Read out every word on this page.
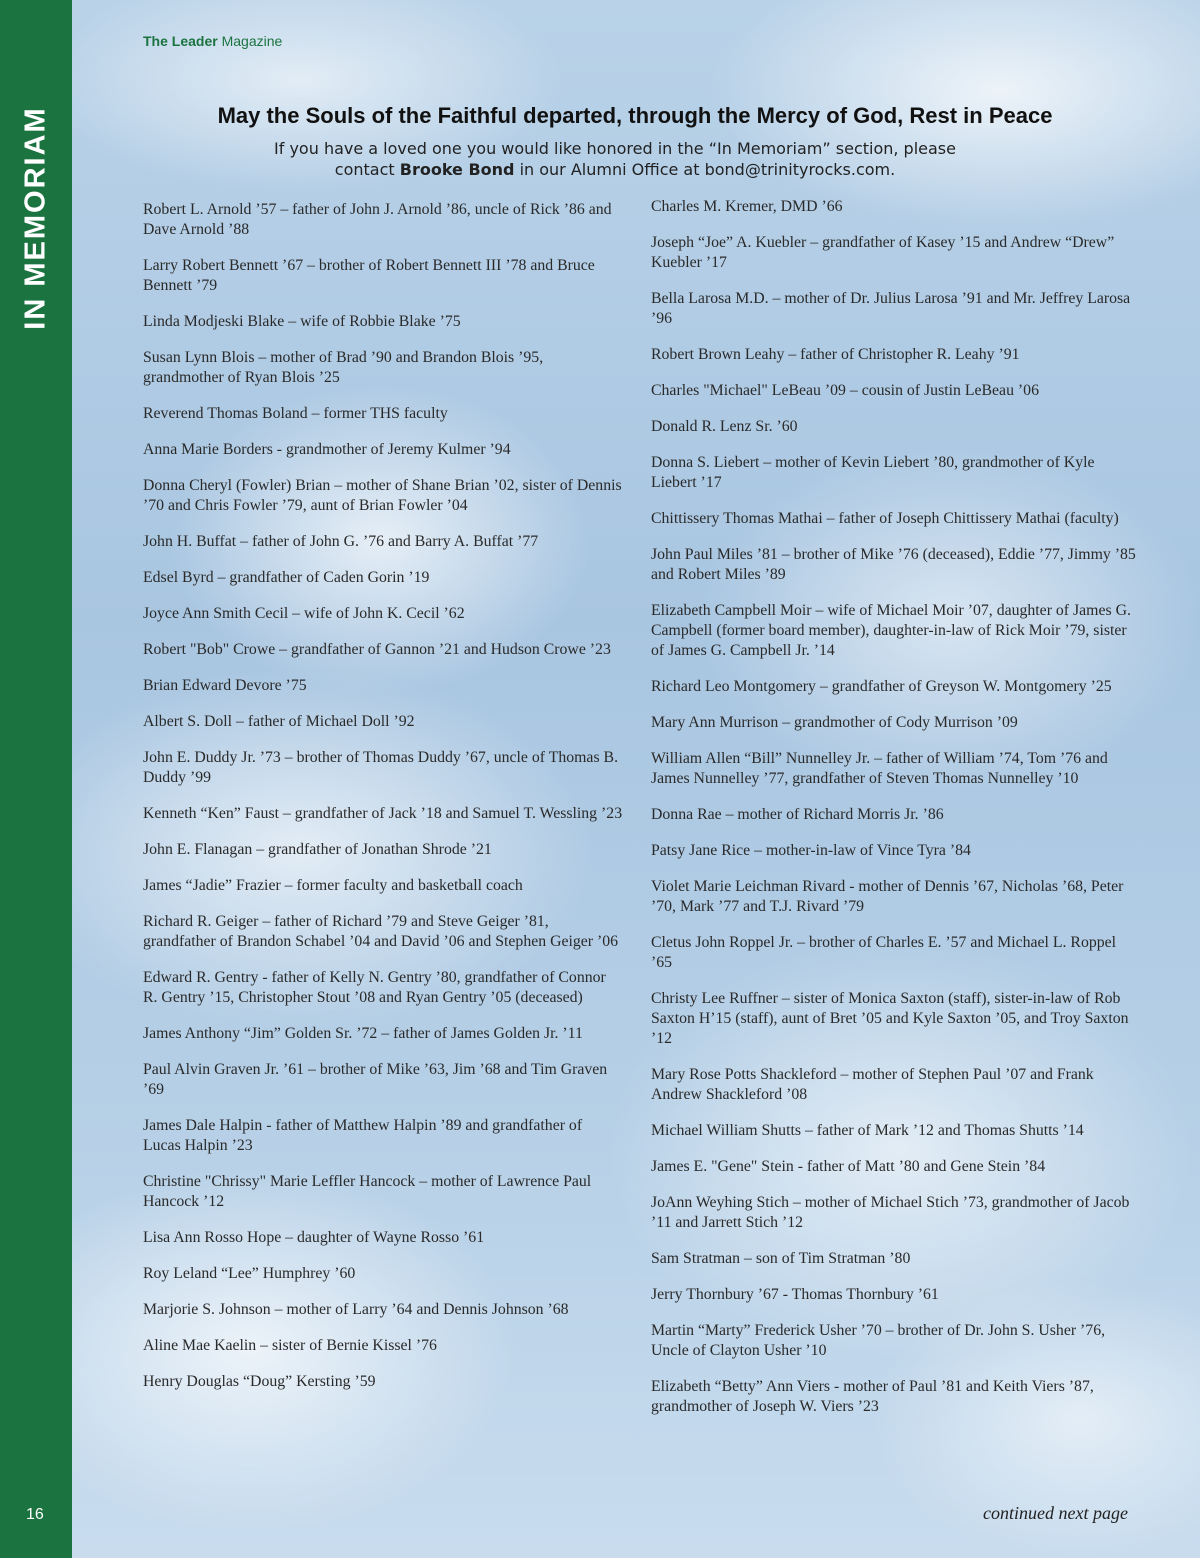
IN MEMORIAM
16
The Leader Magazine
May the Souls of the Faithful departed, through the Mercy of God, Rest in Peace
If you have a loved one you would like honored in the “In Memoriam” section, please
contact Brooke Bond in our Alumni Office at bond@trinityrocks.com.
Robert L. Arnold ’57 – father of John J. Arnold ’86, uncle of Rick ’86 and Dave Arnold ’88
Larry Robert Bennett ’67 – brother of Robert Bennett III ’78 and Bruce Bennett ’79
Linda Modjeski Blake – wife of Robbie Blake ’75
Susan Lynn Blois – mother of Brad ’90 and Brandon Blois ’95, grandmother of Ryan Blois ’25
Reverend Thomas Boland – former THS faculty
Anna Marie Borders - grandmother of Jeremy Kulmer ’94
Donna Cheryl (Fowler) Brian – mother of Shane Brian ’02, sister of Dennis ’70 and Chris Fowler ’79, aunt of Brian Fowler ’04
John H. Buffat – father of John G. ’76 and Barry A. Buffat ’77
Edsel Byrd – grandfather of Caden Gorin ’19
Joyce Ann Smith Cecil – wife of John K. Cecil ’62
Robert "Bob" Crowe – grandfather of Gannon ’21 and Hudson Crowe ’23
Brian Edward Devore ’75
Albert S. Doll – father of Michael Doll ’92
John E. Duddy Jr. ’73 – brother of Thomas Duddy ’67, uncle of Thomas B. Duddy ’99
Kenneth “Ken” Faust – grandfather of Jack ’18 and Samuel T. Wessling ’23
John E. Flanagan – grandfather of Jonathan Shrode ’21
James “Jadie” Frazier – former faculty and basketball coach
Richard R. Geiger – father of Richard ’79 and Steve Geiger ’81, grandfather of Brandon Schabel ’04 and David ’06 and Stephen Geiger ’06
Edward R. Gentry - father of Kelly N. Gentry ’80, grandfather of Connor R. Gentry ’15, Christopher Stout ’08 and Ryan Gentry ’05 (deceased)
James Anthony “Jim” Golden Sr. ’72 – father of James Golden Jr. ’11
Paul Alvin Graven Jr. ’61 – brother of Mike ’63, Jim ’68 and Tim Graven ’69
James Dale Halpin - father of Matthew Halpin ’89 and grandfather of Lucas Halpin ’23
Christine "Chrissy" Marie Leffler Hancock – mother of Lawrence Paul Hancock ’12
Lisa Ann Rosso Hope – daughter of Wayne Rosso ’61
Roy Leland “Lee” Humphrey ’60
Marjorie S. Johnson – mother of Larry ’64 and Dennis Johnson ’68
Aline Mae Kaelin – sister of Bernie Kissel ’76
Henry Douglas “Doug” Kersting ’59
Charles M. Kremer, DMD ’66
Joseph “Joe” A. Kuebler – grandfather of Kasey ’15 and Andrew “Drew” Kuebler ’17
Bella Larosa M.D. – mother of Dr. Julius Larosa ’91 and Mr. Jeffrey Larosa ’96
Robert Brown Leahy – father of Christopher R. Leahy ’91
Charles "Michael" LeBeau ’09 – cousin of Justin LeBeau ’06
Donald R. Lenz Sr. ’60
Donna S. Liebert – mother of Kevin Liebert ’80, grandmother of Kyle Liebert ’17
Chittissery Thomas Mathai – father of Joseph Chittissery Mathai (faculty)
John Paul Miles ’81 – brother of Mike ’76 (deceased), Eddie ’77, Jimmy ’85 and Robert Miles ’89
Elizabeth Campbell Moir – wife of Michael Moir ’07, daughter of James G. Campbell (former board member), daughter-in-law of Rick Moir ’79, sister of James G. Campbell Jr. ’14
Richard Leo Montgomery – grandfather of Greyson W. Montgomery ’25
Mary Ann Murrison – grandmother of Cody Murrison ’09
William Allen “Bill” Nunnelley Jr. – father of William ’74, Tom ’76 and James Nunnelley ’77, grandfather of Steven Thomas Nunnelley ’10
Donna Rae – mother of Richard Morris Jr. ’86
Patsy Jane Rice – mother-in-law of Vince Tyra ’84
Violet Marie Leichman Rivard - mother of Dennis ’67, Nicholas ’68, Peter ’70, Mark ’77 and T.J. Rivard ’79
Cletus John Roppel Jr. – brother of Charles E. ’57 and Michael L. Roppel ’65
Christy Lee Ruffner – sister of Monica Saxton (staff), sister-in-law of Rob Saxton H’15 (staff), aunt of Bret ’05 and Kyle Saxton ’05, and Troy Saxton ’12
Mary Rose Potts Shackleford – mother of Stephen Paul ’07 and Frank Andrew Shackleford ’08
Michael William Shutts – father of Mark ’12 and Thomas Shutts ’14
James E. "Gene" Stein - father of Matt ’80 and Gene Stein ’84
JoAnn Weyhing Stich – mother of Michael Stich ’73, grandmother of Jacob ’11 and Jarrett Stich ’12
Sam Stratman – son of Tim Stratman ’80
Jerry Thornbury ’67 - Thomas Thornbury ’61
Martin “Marty” Frederick Usher ’70 – brother of Dr. John S. Usher ’76, Uncle of Clayton Usher ’10
Elizabeth “Betty” Ann Viers - mother of Paul ’81 and Keith Viers ’87, grandmother of Joseph W. Viers ’23
continued next page
